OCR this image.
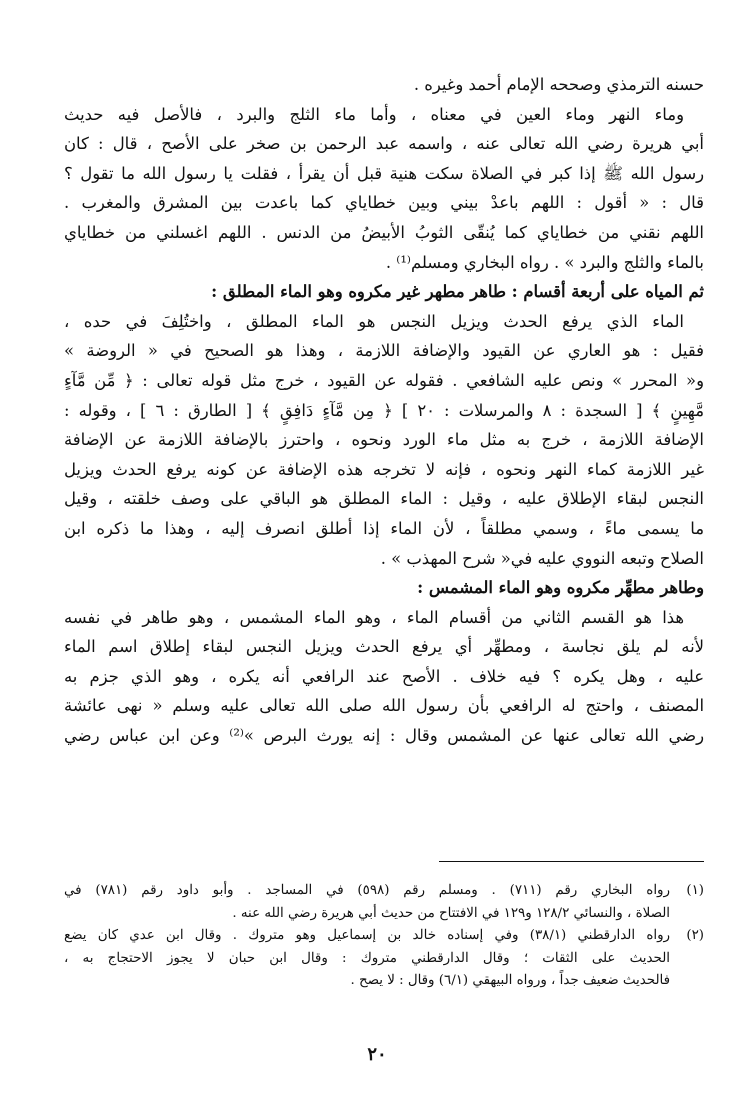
حسنه الترمذي وصححه الإمام أحمد وغيره .
وماء النهر وماء العين في معناه ، وأما ماء الثلج والبرد ، فالأصل فيه حديث
أبي هريرة رضي الله تعالى عنه ، واسمه عبد الرحمن بن صخر على الأصح ، قال : كان
رسول الله ﷺ إذا كبر في الصلاة سكت هنية قبل أن يقرأ ، فقلت يا رسول الله ما تقول ؟
قال : « أقول : اللهم باعدْ بيني وبين خطاياي كما باعدت بين المشرق والمغرب .
اللهم نقني من خطاياي كما يُنقّى الثوبُ الأبيضُ من الدنس . اللهم اغسلني من خطاياي
بالماء والثلج والبرد » . رواه البخاري ومسلم⁽¹⁾ .
ثم المياه على أربعة أقسام : طاهر مطهر غير مكروه وهو الماء المطلق :
الماء الذي يرفع الحدث ويزيل النجس هو الماء المطلق ، واختُلِفَ في حده ،
فقيل : هو العاري عن القيود والإضافة اللازمة ، وهذا هو الصحيح في « الروضة »
و« المحرر » ونص عليه الشافعي . فقوله عن القيود ، خرج مثل قوله تعالى : ﴿ مِّن مَّآءٍ
مَّهِينٍ ﴾ [ السجدة : ٨ والمرسلات : ٢٠ ] ﴿ مِن مَّآءٍ دَافِقٍ ﴾ [ الطارق : ٦ ] ، وقوله :
الإضافة اللازمة ، خرج به مثل ماء الورد ونحوه ، واحترز بالإضافة اللازمة عن الإضافة
غير اللازمة كماء النهر ونحوه ، فإنه لا تخرجه هذه الإضافة عن كونه يرفع الحدث ويزيل
النجس لبقاء الإطلاق عليه ، وقيل : الماء المطلق هو الباقي على وصف خلقته ، وقيل
ما يسمى ماءً ، وسمي مطلقاً ، لأن الماء إذا أطلق انصرف إليه ، وهذا ما ذكره ابن
الصلاح وتبعه النووي عليه في« شرح المهذب » .
وطاهر مطهِّر مكروه وهو الماء المشمس :
هذا هو القسم الثاني من أقسام الماء ، وهو الماء المشمس ، وهو طاهر في نفسه
لأنه لم يلق نجاسة ، ومطهِّر أي يرفع الحدث ويزيل النجس لبقاء إطلاق اسم الماء
عليه ، وهل يكره ؟ فيه خلاف . الأصح عند الرافعي أنه يكره ، وهو الذي جزم به
المصنف ، واحتج له الرافعي بأن رسول الله صلى الله تعالى عليه وسلم « نهى عائشة
رضي الله تعالى عنها عن المشمس وقال : إنه يورث البرص »⁽²⁾ وعن ابن عباس رضي
(١)
رواه البخاري رقم (٧١١) . ومسلم رقم (٥٩٨) في المساجد . وأبو داود رقم (٧٨١) في
الصلاة ، والنسائي ١٢٨/٢ و١٢٩ في الافتتاح من حديث أبي هريرة رضي الله عنه .
(٢)
رواه الدارقطني (٣٨/١) وفي إسناده خالد بن إسماعيل وهو متروك . وقال ابن عدي كان يضع
الحديث على الثقات ؛ وقال الدارقطني متروك : وقال ابن حبان لا يجوز الاحتجاج به ،
فالحديث ضعيف جداً ، ورواه البيهقي (٦/١) وقال : لا يصح .
٢٠
